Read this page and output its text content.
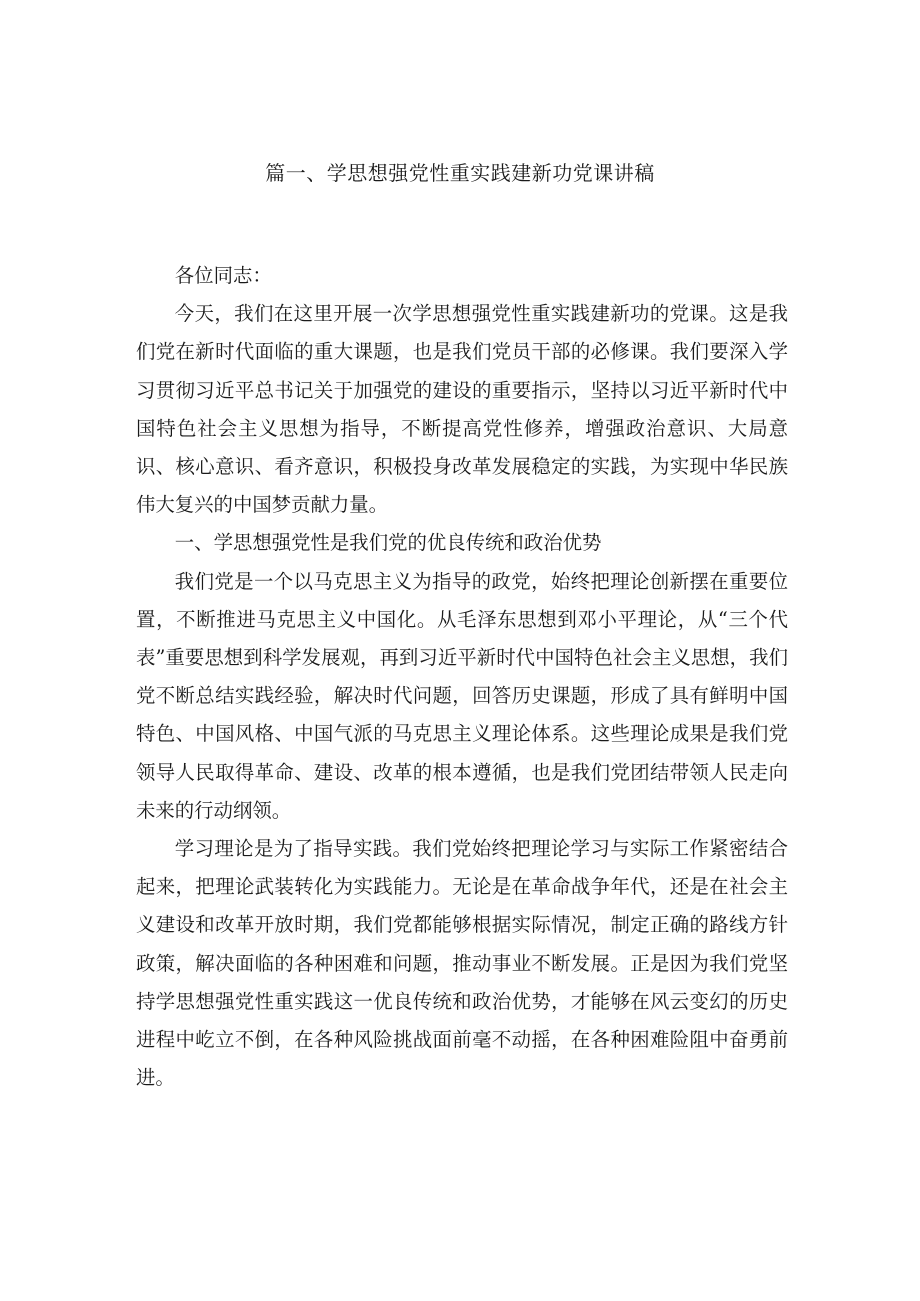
篇一、学思想强党性重实践建新功党课讲稿

各位同志：

今天，我们在这里开展一次学思想强党性重实践建新功的党课。这是我们党在新时代面临的重大课题，也是我们党员干部的必修课。我们要深入学习贯彻习近平总书记关于加强党的建设的重要指示，坚持以习近平新时代中国特色社会主义思想为指导，不断提高党性修养，增强政治意识、大局意识、核心意识、看齐意识，积极投身改革发展稳定的实践，为实现中华民族伟大复兴的中国梦贡献力量。

一、学思想强党性是我们党的优良传统和政治优势

我们党是一个以马克思主义为指导的政党，始终把理论创新摆在重要位置，不断推进马克思主义中国化。从毛泽东思想到邓小平理论，从“三个代表”重要思想到科学发展观，再到习近平新时代中国特色社会主义思想，我们党不断总结实践经验，解决时代问题，回答历史课题，形成了具有鲜明中国特色、中国风格、中国气派的马克思主义理论体系。这些理论成果是我们党领导人民取得革命、建设、改革的根本遵循，也是我们党团结带领人民走向未来的行动纲领。

学习理论是为了指导实践。我们党始终把理论学习与实际工作紧密结合起来，把理论武装转化为实践能力。无论是在革命战争年代，还是在社会主义建设和改革开放时期，我们党都能够根据实际情况，制定正确的路线方针政策，解决面临的各种困难和问题，推动事业不断发展。正是因为我们党坚持学思想强党性重实践这一优良传统和政治优势，才能够在风云变幻的历史进程中屹立不倒，在各种风险挑战面前毫不动摇，在各种困难险阻中奋勇前进。
